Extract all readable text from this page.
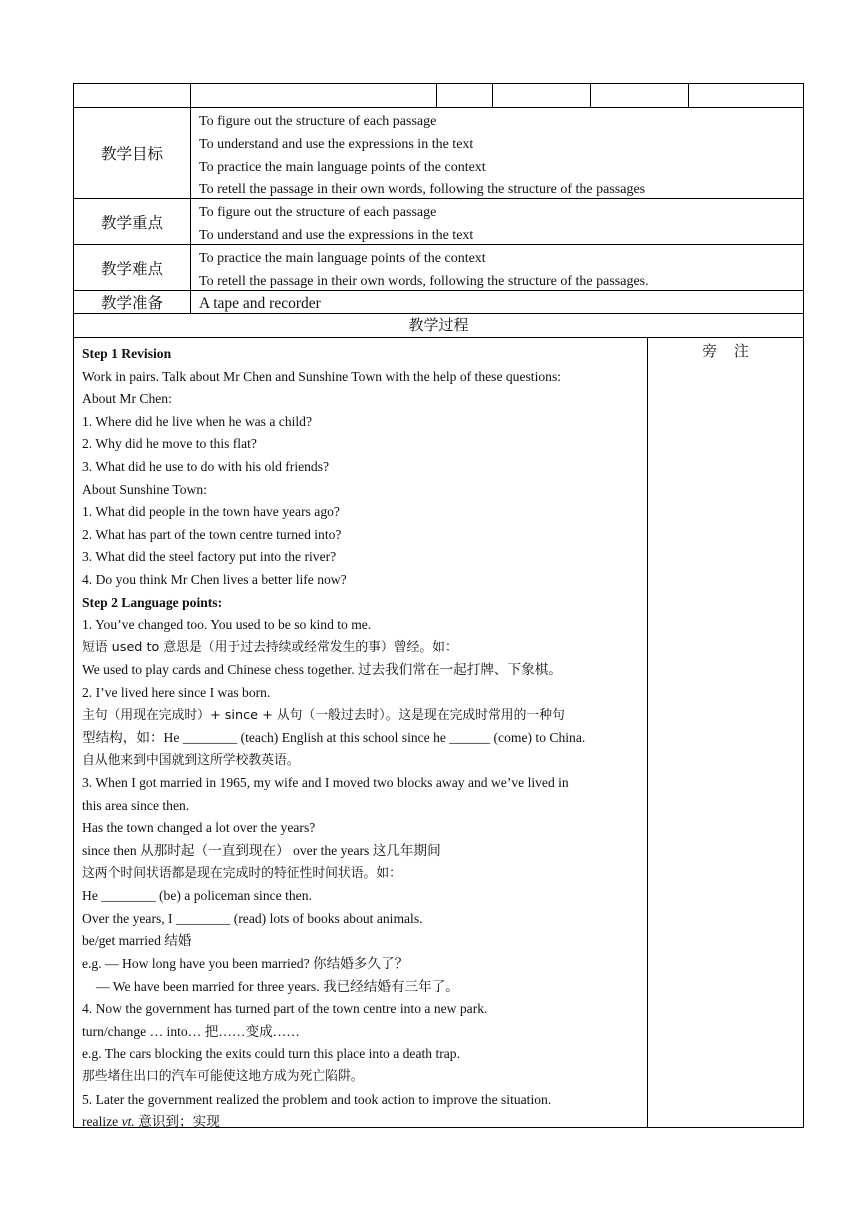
教学目标
To figure out the structure of each passage
To understand and use the expressions in the text
To practice the main language points of the context
To retell the passage in their own words, following the structure of the passages
教学重点
To figure out the structure of each passage
To understand and use the expressions in the text
教学难点
To practice the main language points of the context
To retell the passage in their own words, following the structure of the passages.
教学准备	A tape and recorder
教学过程
Step 1 Revision
Work in pairs. Talk about Mr Chen and Sunshine Town with the help of these questions:
About Mr Chen:
1. Where did he live when he was a child?
2. Why did he move to this flat?
3. What did he use to do with his old friends?
About Sunshine Town:
1. What did people in the town have years ago?
2. What has part of the town centre turned into?
3. What did the steel factory put into the river?
4. Do you think Mr Chen lives a better life now?
Step 2 Language points:
1. You’ve changed too. You used to be so kind to me.
短语 used to 意思是（用于过去持续或经常发生的事）曾经。如：
We used to play cards and Chinese chess together. 过去我们常在一起打牌、下象棋。
2. I’ve lived here since I was born.
主句（用现在完成时）+ since + 从句（一般过去时）。这是现在完成时常用的一种句
型结构，如：He ________ (teach) English at this school since he ______ (come) to China.
自从他来到中国就到这所学校教英语。
3. When I got married in 1965, my wife and I moved two blocks away and we’ve lived in
this area since then.
Has the town changed a lot over the years?
since then 从那时起（一直到现在） over the years 这几年期间
这两个时间状语都是现在完成时的特征性时间状语。如：
He ________ (be) a policeman since then.
Over the years, I ________ (read) lots of books about animals.
be/get married 结婚
e.g. — How long have you been married? 你结婚多久了？
— We have been married for three years. 我已经结婚有三年了。
4. Now the government has turned part of the town centre into a new park.
turn/change … into… 把……变成……
e.g. The cars blocking the exits could turn this place into a death trap.
那些堵住出口的汽车可能使这地方成为死亡陷阱。
5. Later the government realized the problem and took action to improve the situation.
realize vt. 意识到；实现
旁 注
